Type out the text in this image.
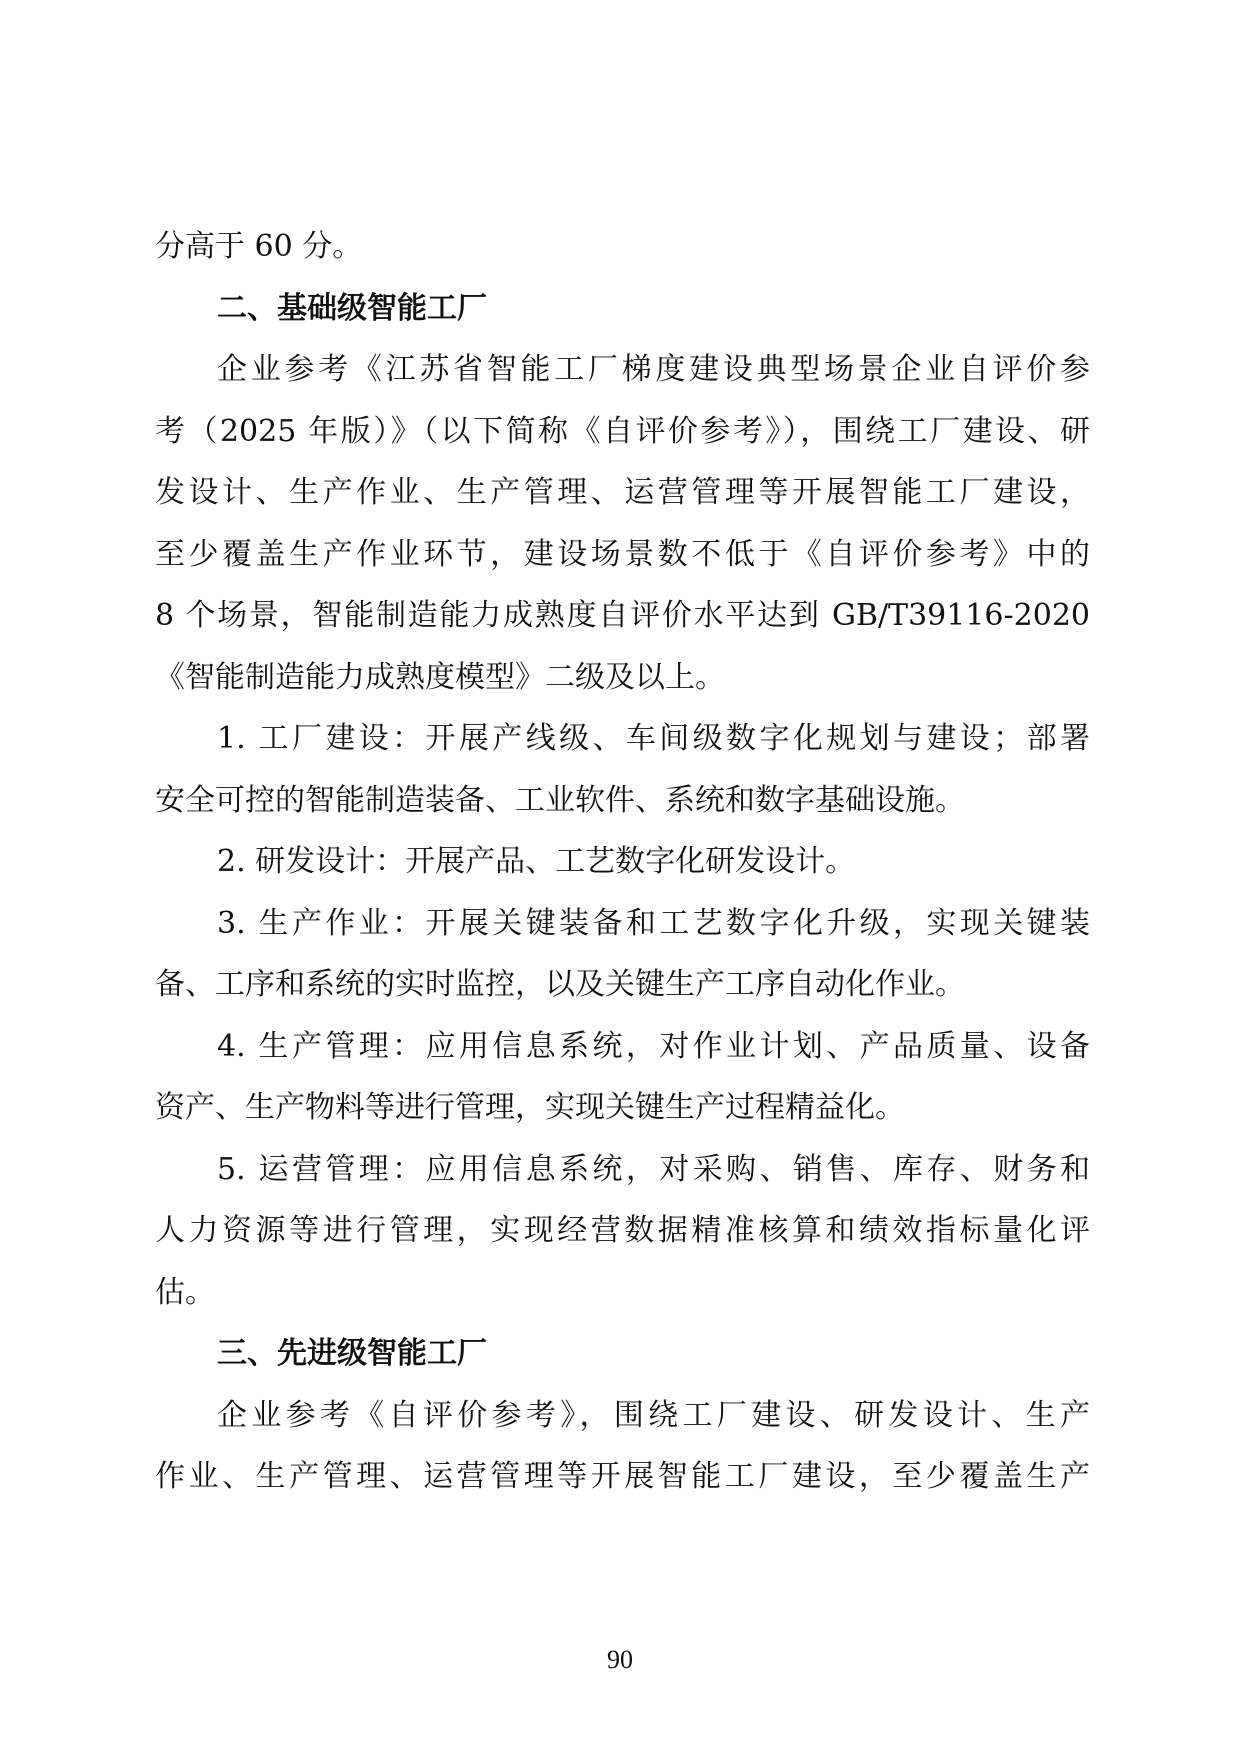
分高于 60 分。
二、基础级智能工厂
企业参考《江苏省智能工厂梯度建设典型场景企业自评价参
考（2025 年版）》（以下简称《自评价参考》），围绕工厂建设、研
发设计、生产作业、生产管理、运营管理等开展智能工厂建设，
至少覆盖生产作业环节，建设场景数不低于《自评价参考》中的
8 个场景，智能制造能力成熟度自评价水平达到 GB/T39116-2020
《智能制造能力成熟度模型》二级及以上。
1. 工厂建设：开展产线级、车间级数字化规划与建设；部署
安全可控的智能制造装备、工业软件、系统和数字基础设施。
2. 研发设计：开展产品、工艺数字化研发设计。
3. 生产作业：开展关键装备和工艺数字化升级，实现关键装
备、工序和系统的实时监控，以及关键生产工序自动化作业。
4. 生产管理：应用信息系统，对作业计划、产品质量、设备
资产、生产物料等进行管理，实现关键生产过程精益化。
5. 运营管理：应用信息系统，对采购、销售、库存、财务和
人力资源等进行管理，实现经营数据精准核算和绩效指标量化评
估。
三、先进级智能工厂
企业参考《自评价参考》，围绕工厂建设、研发设计、生产
作业、生产管理、运营管理等开展智能工厂建设，至少覆盖生产
90
